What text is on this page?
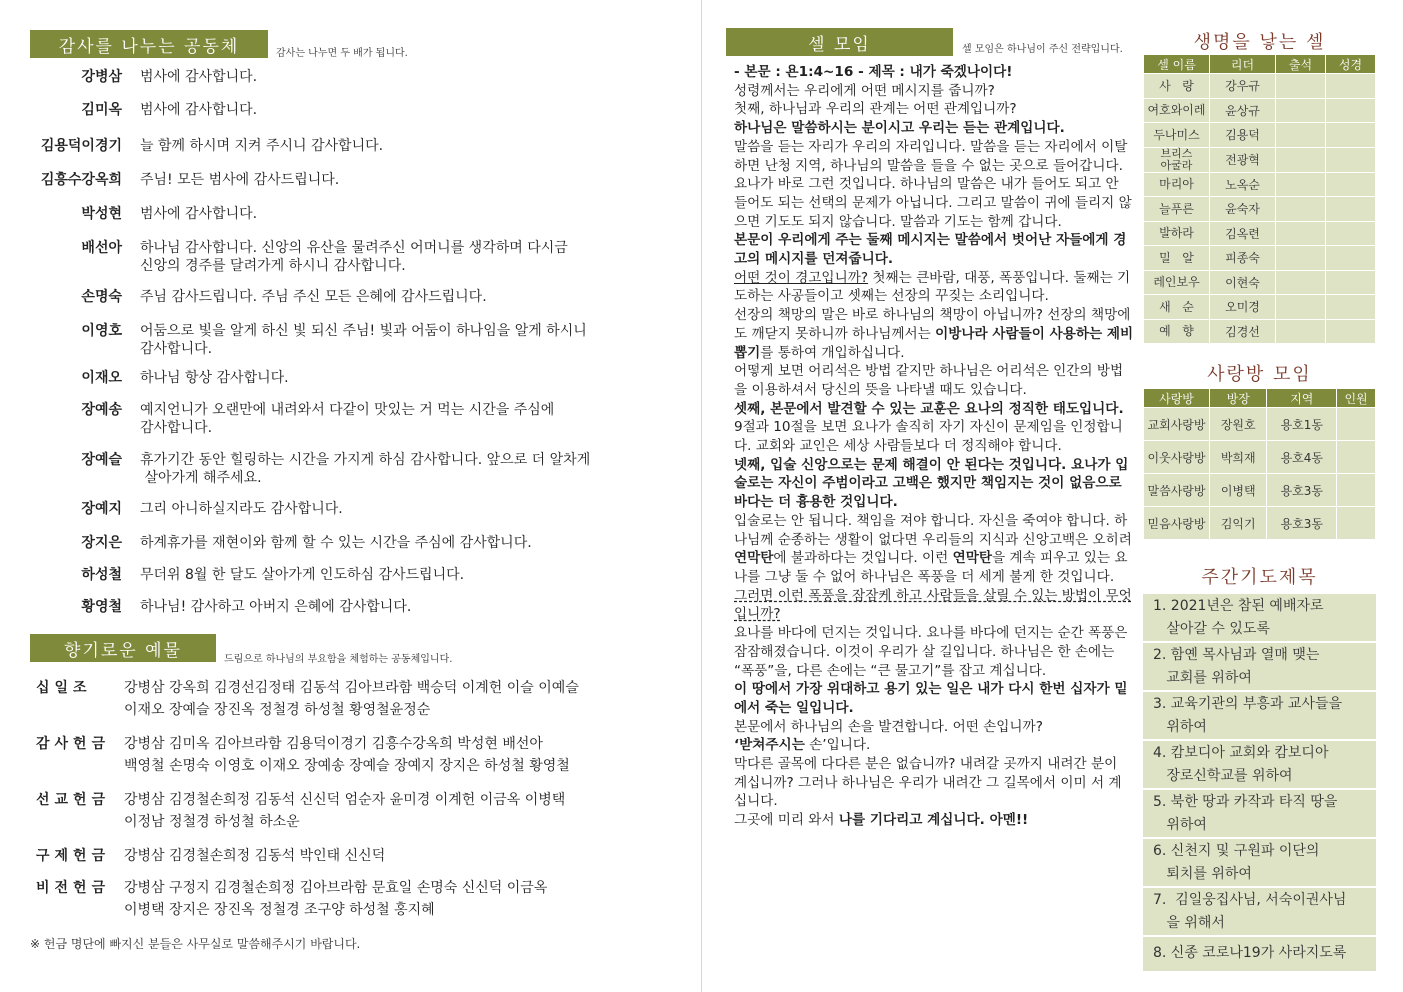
감사를 나누는 공동체	감사는 나누면 두 배가 됩니다.
강병삼 범사에 감사합니다.
김미옥 범사에 감사합니다.
김용덕이경기 늘 함께 하시며 지켜 주시니 감사합니다.
김흥수강옥희 주님! 모든 범사에 감사드립니다.
박성현 범사에 감사합니다.
배선아 하나님 감사합니다. 신앙의 유산을 물려주신 어머니를 생각하며 다시금
신앙의 경주를 달려가게 하시니 감사합니다.
손명숙 주님 감사드립니다. 주님 주신 모든 은혜에 감사드립니다.
이영호 어둠으로 빛을 알게 하신 빛 되신 주님! 빛과 어둠이 하나임을 알게 하시니
감사합니다.
이재오 하나님 항상 감사합니다.
장예송 예지언니가 오랜만에 내려와서 다같이 맛있는 거 먹는 시간을 주심에
감사합니다.
장예슬 휴가기간 동안 힐링하는 시간을 가지게 하심 감사합니다. 앞으로 더 알차게
살아가게 해주세요.
장예지 그리 아니하실지라도 감사합니다.
장지은 하계휴가를 재현이와 함께 할 수 있는 시간을 주심에 감사합니다.
하성철 무더위 8월 한 달도 살아가게 인도하심 감사드립니다.
황영철 하나님! 감사하고 아버지 은혜에 감사합니다.
향기로운 예물	드림으로 하나님의 부요함을 체험하는 공동체입니다.
십일조	강병삼 강옥희 김경선김정태 김동석 김아브라함 백승덕 이계헌 이슬 이예슬
이재오 장예슬 장진옥 정철경 하성철 황영철윤정순
감사헌금 강병삼 김미옥 김아브라함 김용덕이경기 김흥수강옥희 박성현 배선아
백영철 손명숙 이영호 이재오 장예송 장예슬 장예지 장지은 하성철 황영철
선교헌금 강병삼 김경철손희정 김동석 신신덕 엄순자 윤미경 이계헌 이금옥 이병택
이정남 정철경 하성철 하소운
구제헌금 강병삼 김경철손희정 김동석 박인태 신신덕
비전헌금 강병삼 구정지 김경철손희정 김아브라함 문효일 손명숙 신신덕 이금옥
이병택 장지은 장진옥 정철경 조구양 하성철 홍지혜
※ 헌금 명단에 빠지신 분들은 사무실로 말씀해주시기 바랍니다.
셀 모임	셀 모임은 하나님이 주신 전략입니다.

- 본문 : 욘1:4~16 - 제목 : 내가 죽겠나이다!

성령께서는 우리에게 어떤 메시지를 줍니까?

첫째, 하나님과 우리의 관계는 어떤 관계입니까?

하나님은 말씀하시는 분이시고 우리는 듣는 관계입니다.

말씀을 듣는 자리가 우리의 자리입니다. 말씀을 듣는 자리에서 이탈하면 난청 지역, 하나님의 말씀을 들을 수 없는 곳으로 들어갑니다. 요나가 바로 그런 것입니다. 하나님의 말씀은 내가 들어도 되고 안 들어도 되는 선택의 문제가 아닙니다. 그리고 말씀이 귀에 들리지 않으면 기도도 되지 않습니다. 말씀과 기도는 함께 갑니다.

본문이 우리에게 주는 둘째 메시지는 말씀에서 벗어난 자들에게 경고의 메시지를 던져줍니다.

어떤 것이 경고입니까? 첫째는 큰바람, 대풍, 폭풍입니다. 둘째는 기도하는 사공들이고 셋째는 선장의 꾸짖는 소리입니다.

선장의 책망의 말은 바로 하나님의 책망이 아닙니까? 선장의 책망에도 깨닫지 못하니까 하나님께서는 이방나라 사람들이 사용하는 제비뽑기를 통하여 개입하십니다.

어떻게 보면 어리석은 방법 같지만 하나님은 어리석은 인간의 방법을 이용하셔서 당신의 뜻을 나타낼 때도 있습니다.

셋째, 본문에서 발견할 수 있는 교훈은 요나의 정직한 태도입니다.

9절과 10절을 보면 요나가 솔직히 자기 자신이 문제임을 인정합니다. 교회와 교인은 세상 사람들보다 더 정직해야 합니다.

넷째, 입술 신앙으로는 문제 해결이 안 된다는 것입니다. 요나가 입술로는 자신이 주범이라고 고백은 했지만 책임지는 것이 없음으로 바다는 더 흉용한 것입니다.

입술로는 안 됩니다. 책임을 져야 합니다. 자신을 죽여야 합니다. 하나님께 순종하는 생활이 없다면 우리들의 지식과 신앙고백은 오히려 연막탄에 불과하다는 것입니다. 이런 연막탄을 계속 피우고 있는 요나를 그냥 둘 수 없어 하나님은 폭풍을 더 세게 불게 한 것입니다.

그러면 이런 폭풍을 잠잠케 하고 사람들을 살릴 수 있는 방법이 무엇입니까?

요나를 바다에 던지는 것입니다. 요나를 바다에 던지는 순간 폭풍은 잠잠해졌습니다. 이것이 우리가 살 길입니다. 하나님은 한 손에는 “폭풍”을, 다른 손에는 “큰 물고기”를 잡고 계십니다.

이 땅에서 가장 위대하고 용기 있는 일은 내가 다시 한번 십자가 밑에서 죽는 일입니다.

본문에서 하나님의 손을 발견합니다. 어떤 손입니까?

‘받쳐주시는 손’입니다.

막다른 골목에 다다른 분은 없습니까? 내려갈 곳까지 내려간 분이 계십니까? 그러나 하나님은 우리가 내려간 그 길목에서 이미 서 계십니다.

그곳에 미리 와서 나를 기다리고 계십니다. 아멘!!

생명을 낳는 셀
셀 이름	리더	출석	성경
사   랑	강우규		
여호와이레	윤상규		
두나미스	김용덕		
브리스
아굴라	전광혁		
마리아	노옥순		
늘푸른	윤숙자		
발하라	김옥련		
밀   알	피종숙		
레인보우	이현숙		
새   순	오미경		
예   향	김경선		
사랑방 모임
사랑방	방장	지역	인원
교회사랑방	장원호	용호1동	
이웃사랑방	박희재	용호4동	
말씀사랑방	이병택	용호3동	
믿음사랑방	김익기	용호3동	
주간기도제목
1. 2021년은 참된 예배자로
살아갈 수 있도록
2. 함옌 목사님과 열매 맺는
교회를 위하여
3. 교육기관의 부흥과 교사들을
위하여
4. 캄보디아 교회와 캄보디아
장로신학교를 위하여
5. 북한 땅과 카작과 타직 땅을
위하여
6. 신천지 및 구원파 이단의
퇴치를 위하여
7.  김일웅집사님, 서숙이권사님
을 위해서
8. 신종 코로나19가 사라지도록
